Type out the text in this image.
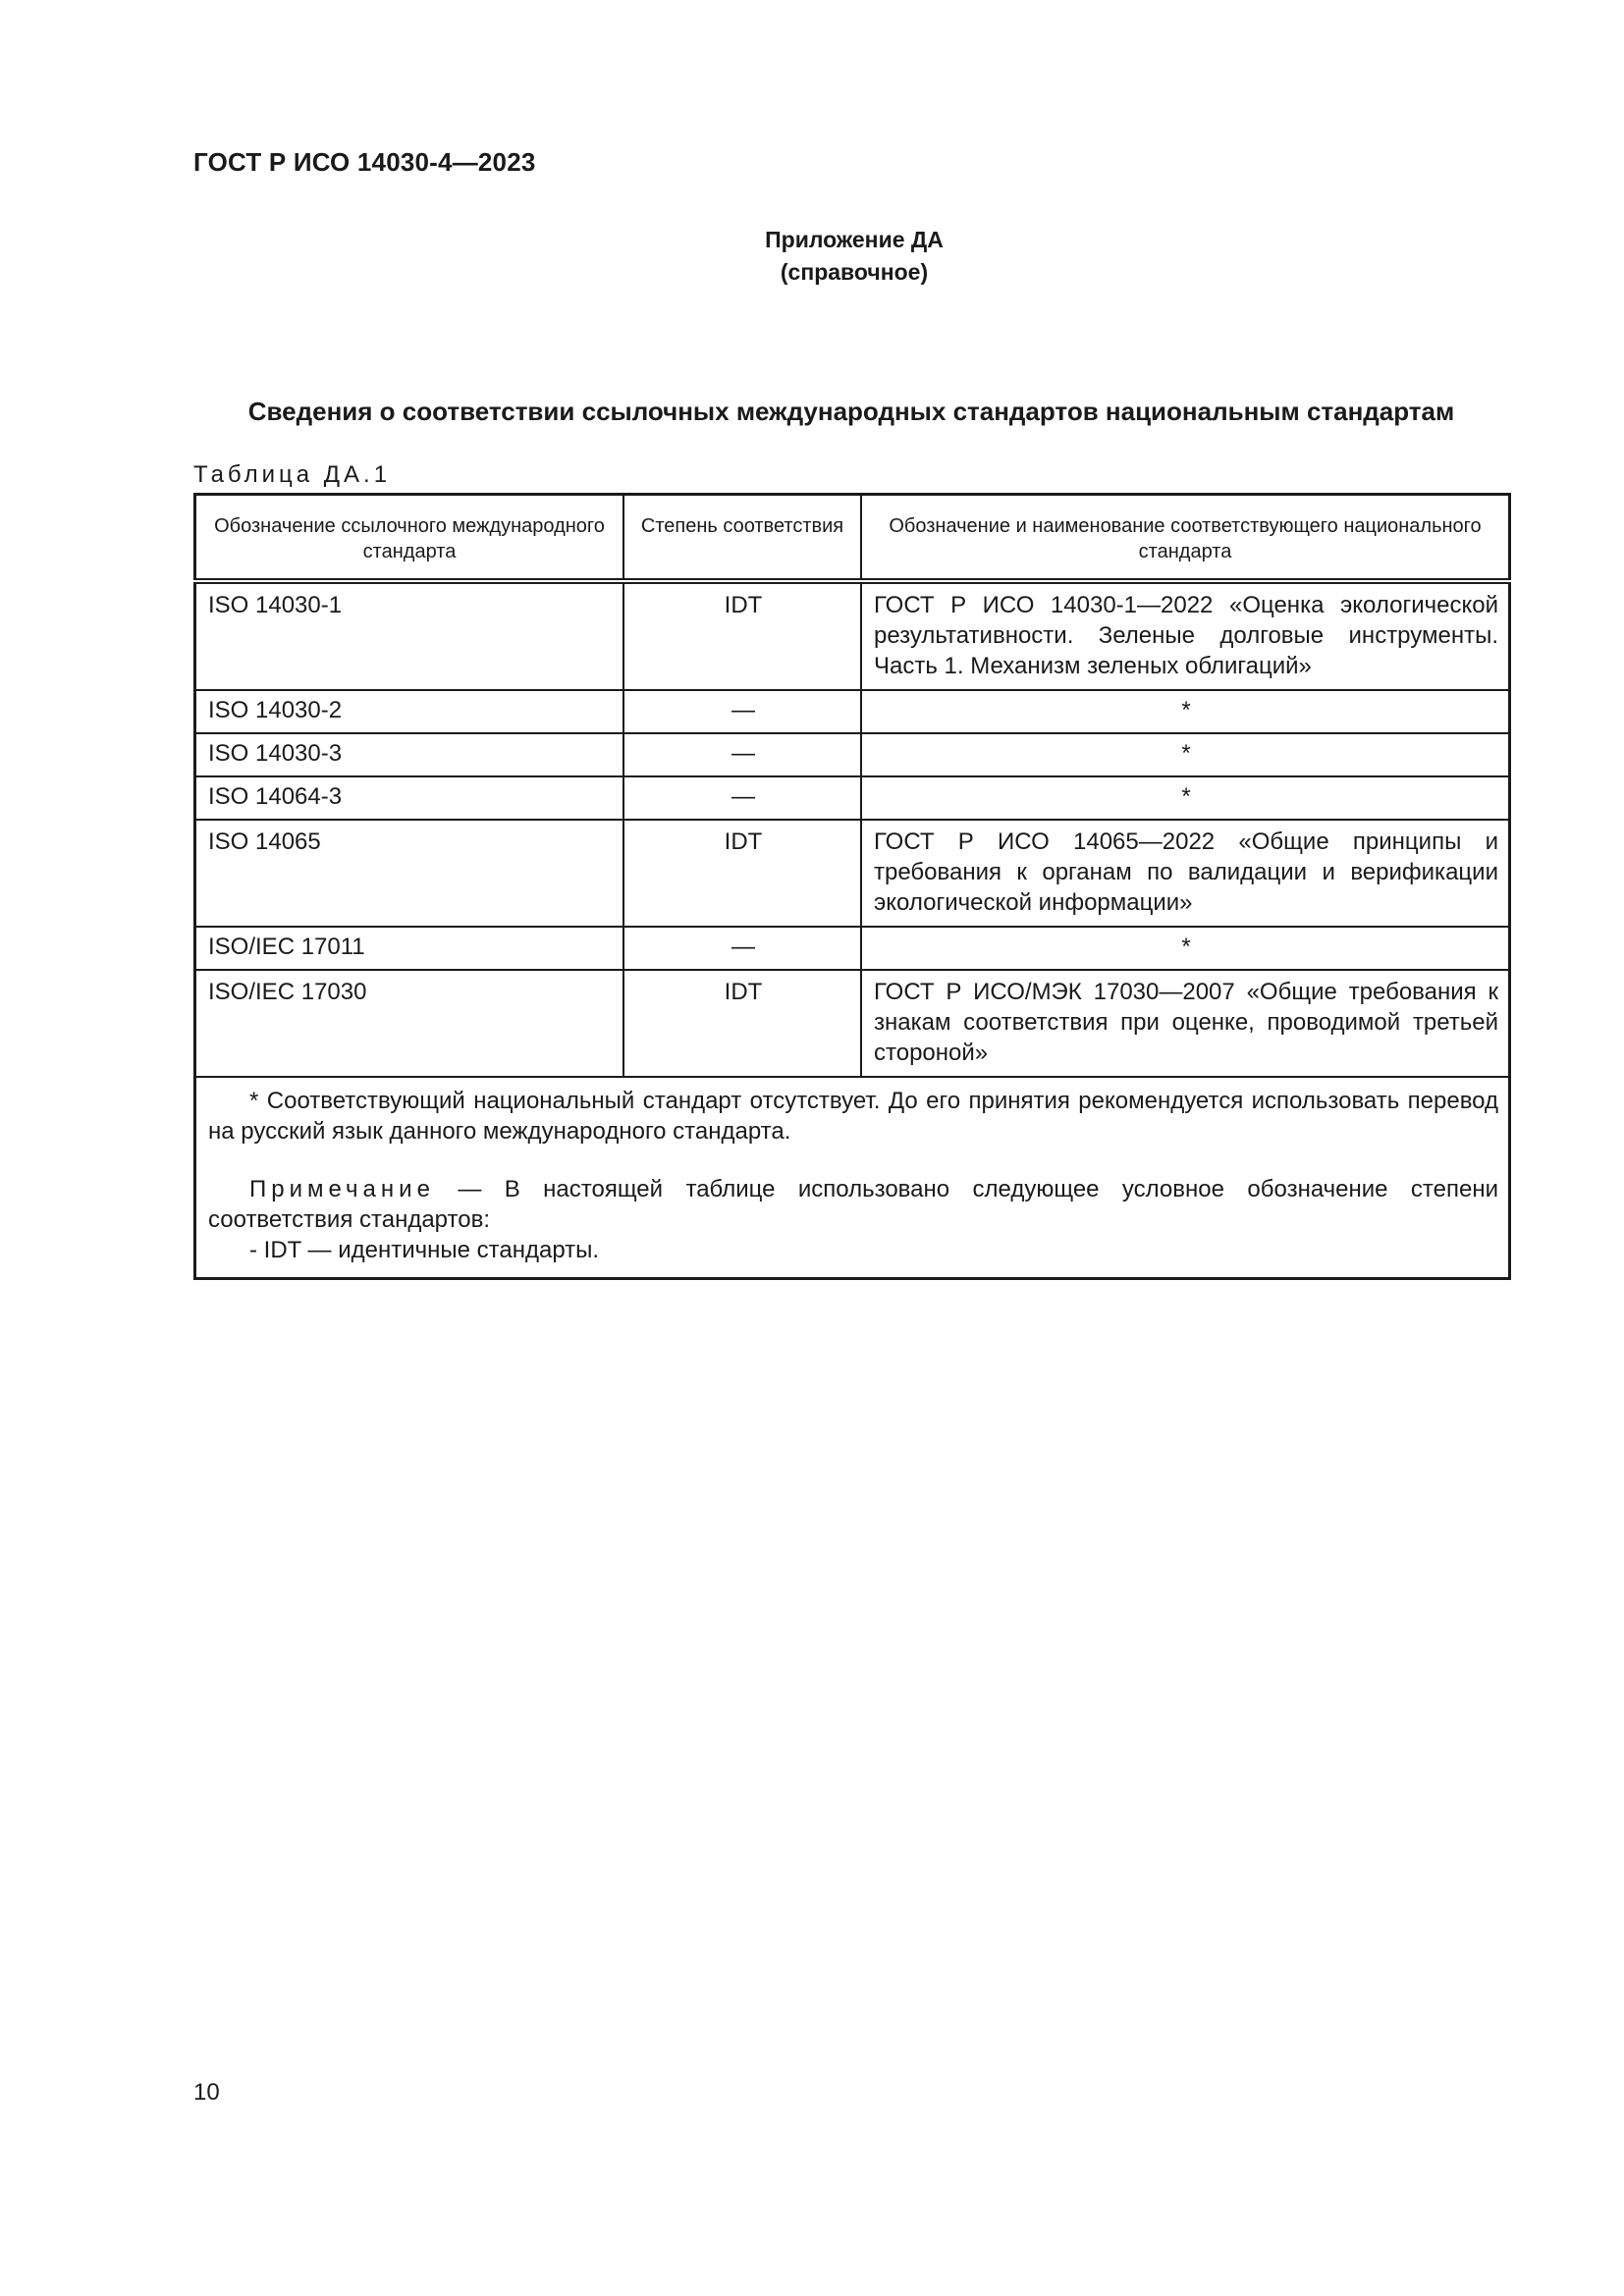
ГОСТ Р ИСО 14030-4—2023
Приложение ДА
(справочное)
Сведения о соответствии ссылочных международных стандартов национальным стандартам
Таблица ДА.1
Обозначение ссылочного международного стандарта	Степень соответствия	Обозначение и наименование соответствующего национального стандарта
ISO 14030-1	IDT	ГОСТ Р ИСО 14030-1—2022 «Оценка экологической результативности. Зеленые долговые инструменты. Часть 1. Механизм зеленых облигаций»
ISO 14030-2	—	*
ISO 14030-3	—	*
ISO 14064-3	—	*
ISO 14065	IDT	ГОСТ Р ИСО 14065—2022 «Общие принципы и требования к органам по валидации и верификации экологической информации»
ISO/IEC 17011	—	*
ISO/IEC 17030	IDT	ГОСТ Р ИСО/МЭК 17030—2007 «Общие требования к знакам соответствия при оценке, проводимой третьей стороной»

* Соответствующий национальный стандарт отсутствует. До его принятия рекомендуется использовать перевод на русский язык данного международного стандарта.

Примечание — В настоящей таблице использовано следующее условное обозначение степени соответствия стандартов:

- IDT — идентичные стандарты.		

10
